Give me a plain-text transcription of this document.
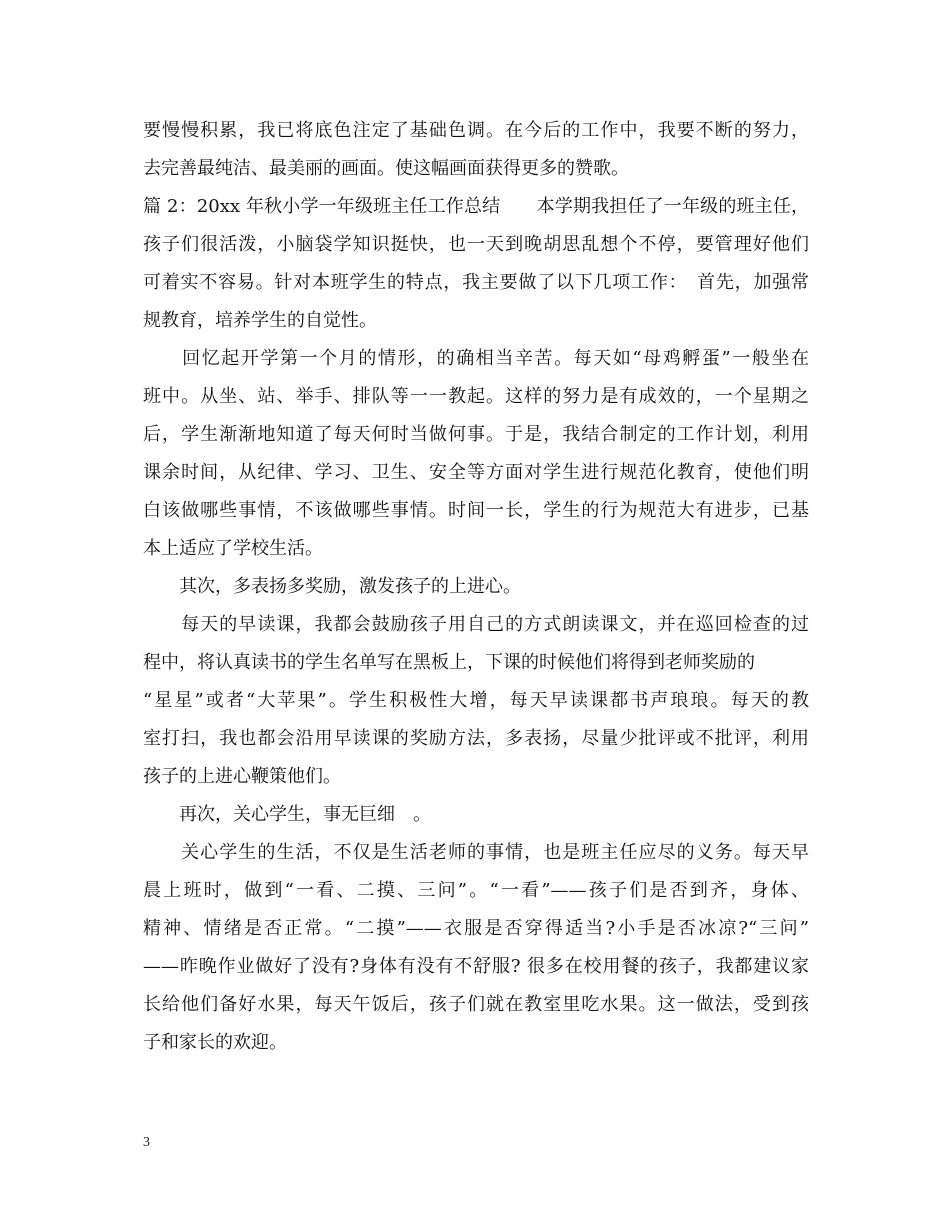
要慢慢积累，我已将底色注定了基础色调。在今后的工作中，我要不断的努力，
去完善最纯洁、最美丽的画面。使这幅画面获得更多的赞歌。
篇 2：20xx 年秋小学一年级班主任工作总结　　本学期我担任了一年级的班主任，
孩子们很活泼，小脑袋学知识挺快，也一天到晚胡思乱想个不停，要管理好他们
可着实不容易。针对本班学生的特点，我主要做了以下几项工作：　首先，加强常
规教育，培养学生的自觉性。
　　回忆起开学第一个月的情形，的确相当辛苦。每天如“母鸡孵蛋”一般坐在
班中。从坐、站、举手、排队等一一教起。这样的努力是有成效的，一个星期之
后，学生渐渐地知道了每天何时当做何事。于是，我结合制定的工作计划，利用
课余时间，从纪律、学习、卫生、安全等方面对学生进行规范化教育，使他们明
白该做哪些事情，不该做哪些事情。时间一长，学生的行为规范大有进步，已基
本上适应了学校生活。
　　其次，多表扬多奖励，激发孩子的上进心。
　　每天的早读课，我都会鼓励孩子用自己的方式朗读课文，并在巡回检查的过
程中，将认真读书的学生名单写在黑板上，下课的时候他们将得到老师奖励的
“星星”或者“大苹果”。学生积极性大增，每天早读课都书声琅琅。每天的教
室打扫，我也都会沿用早读课的奖励方法，多表扬，尽量少批评或不批评，利用
孩子的上进心鞭策他们。
　　再次，关心学生，事无巨细　。
　　关心学生的生活，不仅是生活老师的事情，也是班主任应尽的义务。每天早
晨上班时，做到“一看、二摸、三问”。“一看”——孩子们是否到齐，身体、
精神、情绪是否正常。“二摸”——衣服是否穿得适当?小手是否冰凉?“三问”
——昨晚作业做好了没有?身体有没有不舒服? 很多在校用餐的孩子，我都建议家
长给他们备好水果，每天午饭后，孩子们就在教室里吃水果。这一做法，受到孩
子和家长的欢迎。
3
